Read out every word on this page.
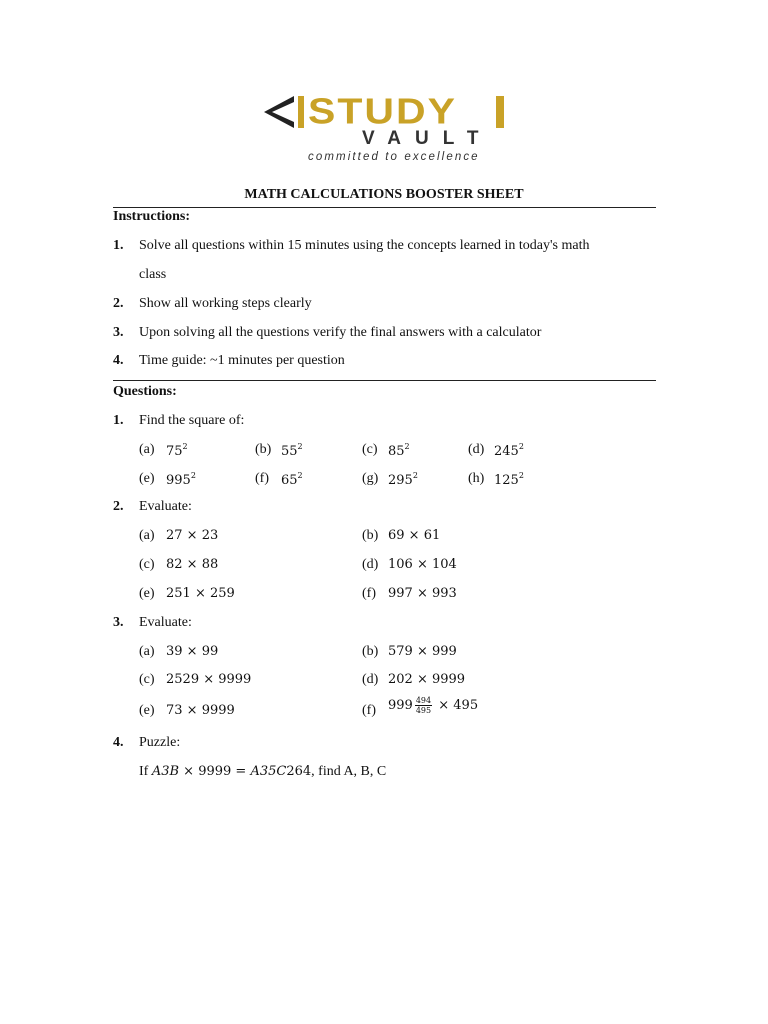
STUDY
VAULT
committed to excellence
MATH CALCULATIONS BOOSTER SHEET
Instructions:
1. Solve all questions within 15 minutes using the concepts learned in today's math
class
2. Show all working steps clearly
3. Upon solving all the questions verify the final answers with a calculator
4. Time guide: ~1 minutes per question
Questions:
1. Find the square of:
(a) $75^2$	(b) $55^2$	(c) $85^2$	(d) $245^2$
(e) $995^2$	(f) $65^2$	(g) $295^2$	(h) $125^2$
2. Evaluate:
(a) 27 × 23	(b) 69 × 61
(c) 82 × 88	(d) 106 × 104
(e) 251 × 259	(f) 997 × 993
3. Evaluate:
(a) 39 × 99	(b) 579 × 999
(c) 2529 × 9999	(d) 202 × 9999
(e) 73 × 9999	(f) $999 \frac{494}{495} \times 495$
4. Puzzle:
If A3B × 9999 = A35C264, find A, B, C
